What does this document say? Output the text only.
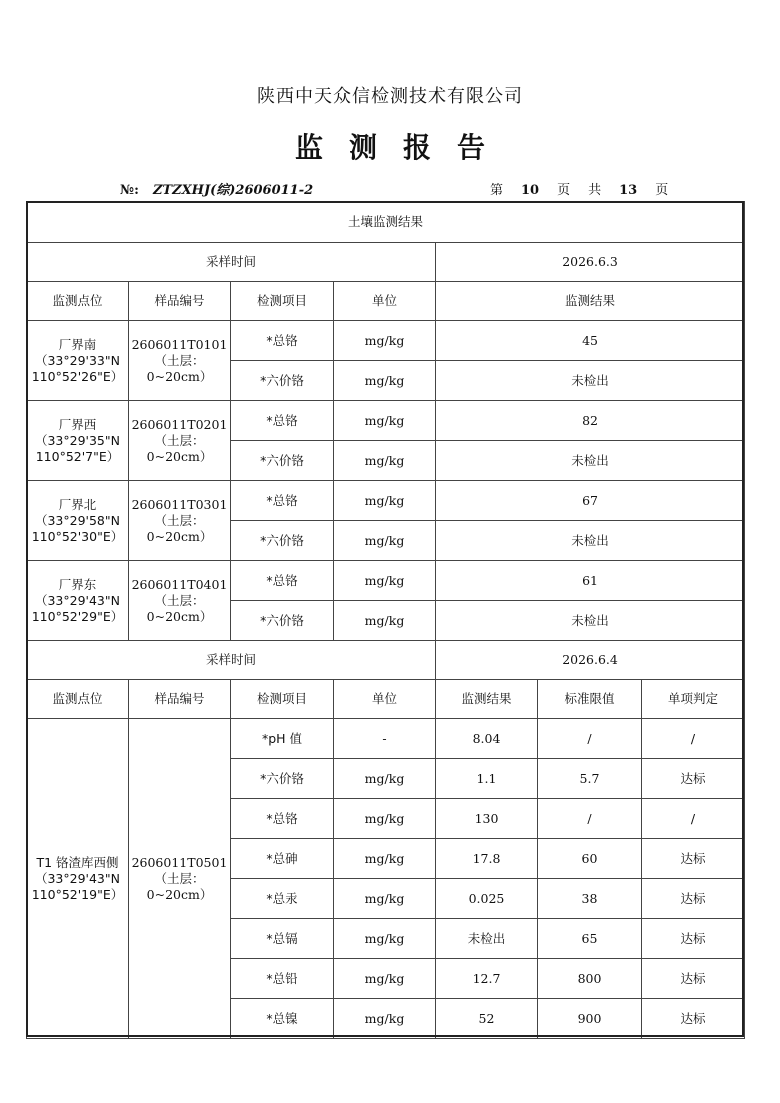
陕西中天众信检测技术有限公司
监测报告
№: ZTZXHJ(综)2606011-2	第 10 页 共 13 页
土壤监测结果						
采样时间				2026.6.3		
监测点位	样品编号	检测项目	单位	监测结果		
厂界南（33°29'33"N 110°52'26"E）	2606011T0101（土层：0~20cm）	*总铬	mg/kg	45		
		*六价铬	mg/kg	未检出		
厂界西（33°29'35"N 110°52'7"E）	2606011T0201（土层：0~20cm）	*总铬	mg/kg	82		
		*六价铬	mg/kg	未检出		
厂界北（33°29'58"N 110°52'30"E）	2606011T0301（土层：0~20cm）	*总铬	mg/kg	67		
		*六价铬	mg/kg	未检出		
厂界东（33°29'43"N 110°52'29"E）	2606011T0401（土层：0~20cm）	*总铬	mg/kg	61		
		*六价铬	mg/kg	未检出		
采样时间				2026.6.4		
监测点位	样品编号	检测项目	单位	监测结果	标准限值	单项判定
T1 铬渣库西侧（33°29'43"N 110°52'19"E）	2606011T0501（土层：0~20cm）	*pH 值	-	8.04	/	/
		*六价铬	mg/kg	1.1	5.7	达标
		*总铬	mg/kg	130	/	/
		*总砷	mg/kg	17.8	60	达标
		*总汞	mg/kg	0.025	38	达标
		*总镉	mg/kg	未检出	65	达标
		*总铅	mg/kg	12.7	800	达标
		*总镍	mg/kg	52	900	达标
